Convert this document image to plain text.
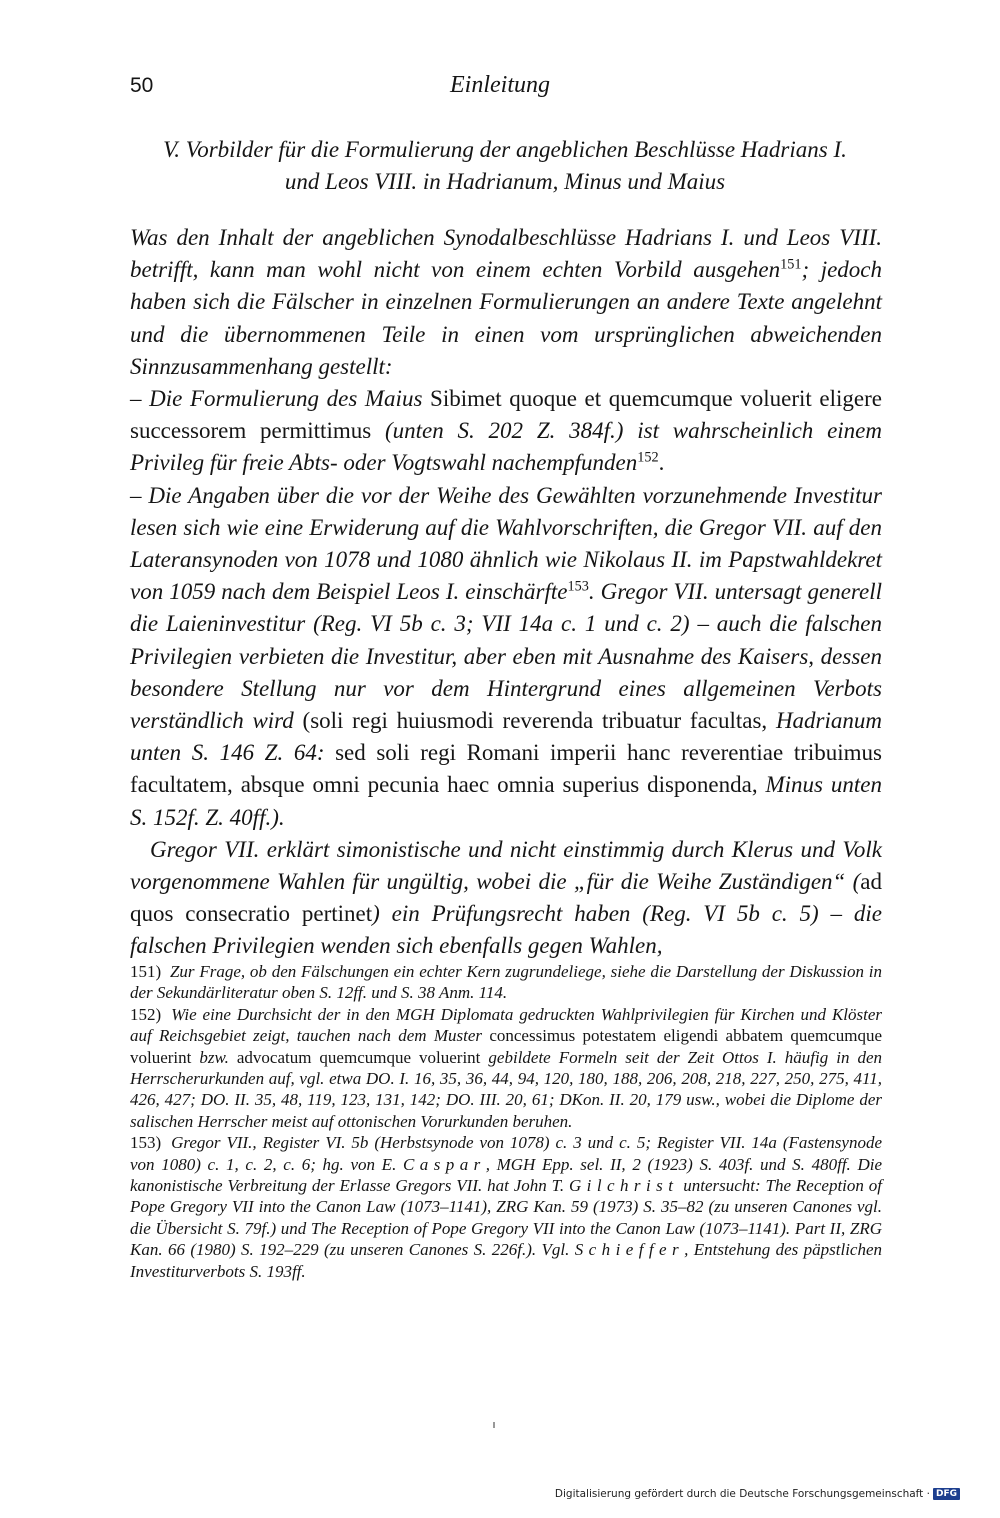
50	Einleitung
V. Vorbilder für die Formulierung der angeblichen Beschlüsse Hadrians I.
und Leos VIII. in Hadrianum, Minus und Maius

Was den Inhalt der angeblichen Synodalbeschlüsse Hadrians I. und Leos VIII. betrifft, kann man wohl nicht von einem echten Vorbild ausgehen$^{151}$; jedoch haben sich die Fälscher in einzelnen Formulierungen an andere Texte angelehnt und die übernommenen Teile in einen vom ursprünglichen abweichenden Sinnzusammenhang gestellt:

– Die Formulierung des Maius Sibimet quoque et quemcumque voluerit eligere successorem permittimus (unten S. 202 Z. 384f.) ist wahrscheinlich einem Privileg für freie Abts- oder Vogtswahl nachempfunden$^{152}$.

– Die Angaben über die vor der Weihe des Gewählten vorzunehmende Investitur lesen sich wie eine Erwiderung auf die Wahlvorschriften, die Gregor VII. auf den Lateransynoden von 1078 und 1080 ähnlich wie Nikolaus II. im Papstwahldekret von 1059 nach dem Beispiel Leos I. einschärfte$^{153}$. Gregor VII. untersagt generell die Laieninvestitur (Reg. VI 5b c. 3; VII 14a c. 1 und c. 2) – auch die falschen Privilegien verbieten die Investitur, aber eben mit Ausnahme des Kaisers, dessen besondere Stellung nur vor dem Hintergrund eines allgemeinen Verbots verständlich wird (soli regi huiusmodi reverenda tribuatur facultas, Hadrianum unten S. 146 Z. 64: sed soli regi Romani imperii hanc reverentiae tribuimus facultatem, absque omni pecunia haec omnia superius disponenda, Minus unten S. 152f. Z. 40ff.).

Gregor VII. erklärt simonistische und nicht einstimmig durch Klerus und Volk vorgenommene Wahlen für ungültig, wobei die „für die Weihe Zuständigen“ (ad quos consecratio pertinet) ein Prüfungsrecht haben (Reg. VI 5b c. 5) – die falschen Privilegien wenden sich ebenfalls gegen Wahlen,

151) Zur Frage, ob den Fälschungen ein echter Kern zugrundeliege, siehe die Darstellung der Diskussion in der Sekundärliteratur oben S. 12ff. und S. 38 Anm. 114.

152) Wie eine Durchsicht der in den MGH Diplomata gedruckten Wahlprivilegien für Kirchen und Klöster auf Reichsgebiet zeigt, tauchen nach dem Muster concessimus potestatem eligendi abbatem quemcumque voluerint bzw. advocatum quemcumque voluerint gebildete Formeln seit der Zeit Ottos I. häufig in den Herrscherurkunden auf, vgl. etwa DO. I. 16, 35, 36, 44, 94, 120, 180, 188, 206, 208, 218, 227, 250, 275, 411, 426, 427; DO. II. 35, 48, 119, 123, 131, 142; DO. III. 20, 61; DKon. II. 20, 179 usw., wobei die Diplome der salischen Herrscher meist auf ottonischen Vorurkunden beruhen.

153) Gregor VII., Register VI. 5b (Herbstsynode von 1078) c. 3 und c. 5; Register VII. 14a (Fastensynode von 1080) c. 1, c. 2, c. 6; hg. von E. Caspar, MGH Epp. sel. II, 2 (1923) S. 403f. und S. 480ff. Die kanonistische Verbreitung der Erlasse Gregors VII. hat John T. Gilchrist untersucht: The Reception of Pope Gregory VII into the Canon Law (1073–1141), ZRG Kan. 59 (1973) S. 35–82 (zu unseren Canones vgl. die Übersicht S. 79f.) und The Reception of Pope Gregory VII into the Canon Law (1073–1141). Part II, ZRG Kan. 66 (1980) S. 192–229 (zu unseren Canones S. 226f.). Vgl. Schieffer, Entstehung des päpstlichen Investiturverbots S. 193ff.

Digitalisierung gefördert durch die Deutsche Forschungsgemeinschaft · DFG
